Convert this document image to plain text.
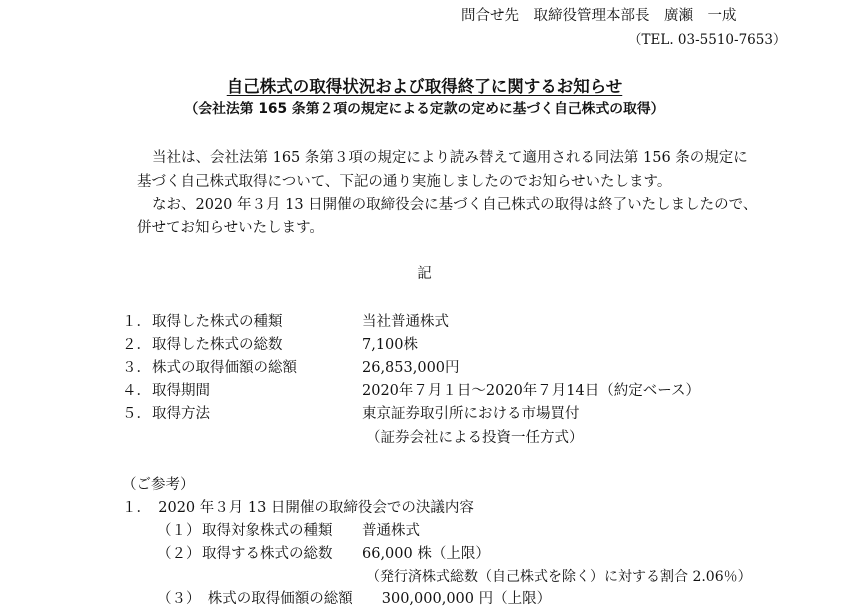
問合せ先　取締役管理本部長　廣瀬　一成
（TEL. 03-5510-7653）
自己株式の取得状況および取得終了に関するお知らせ
（会社法第 165 条第２項の規定による定款の定めに基づく自己株式の取得）
当社は、会社法第 165 条第３項の規定により読み替えて適用される同法第 156 条の規定に
基づく自己株式取得について、下記の通り実施しましたのでお知らせいたします。
なお、2020 年３月 13 日開催の取締役会に基づく自己株式の取得は終了いたしましたので、
併せてお知らせいたします。
記
１． 取得した株式の種類	当社普通株式
２． 取得した株式の総数	7,100株
３． 株式の取得価額の総額	26,853,000円
４． 取得期間	2020年７月１日～2020年７月14日（約定ベース）
５． 取得方法	東京証券取引所における市場買付
（証券会社による投資一任方式）
（ご参考）
１．　2020 年３月 13 日開催の取締役会での決議内容
（１） 取得対象株式の種類 普通株式
（２） 取得する株式の総数 66,000 株（上限）
（発行済株式総数（自己株式を除く）に対する割合 2.06％）
（３）　株式の取得価額の総額　　300,000,000 円（上限）
